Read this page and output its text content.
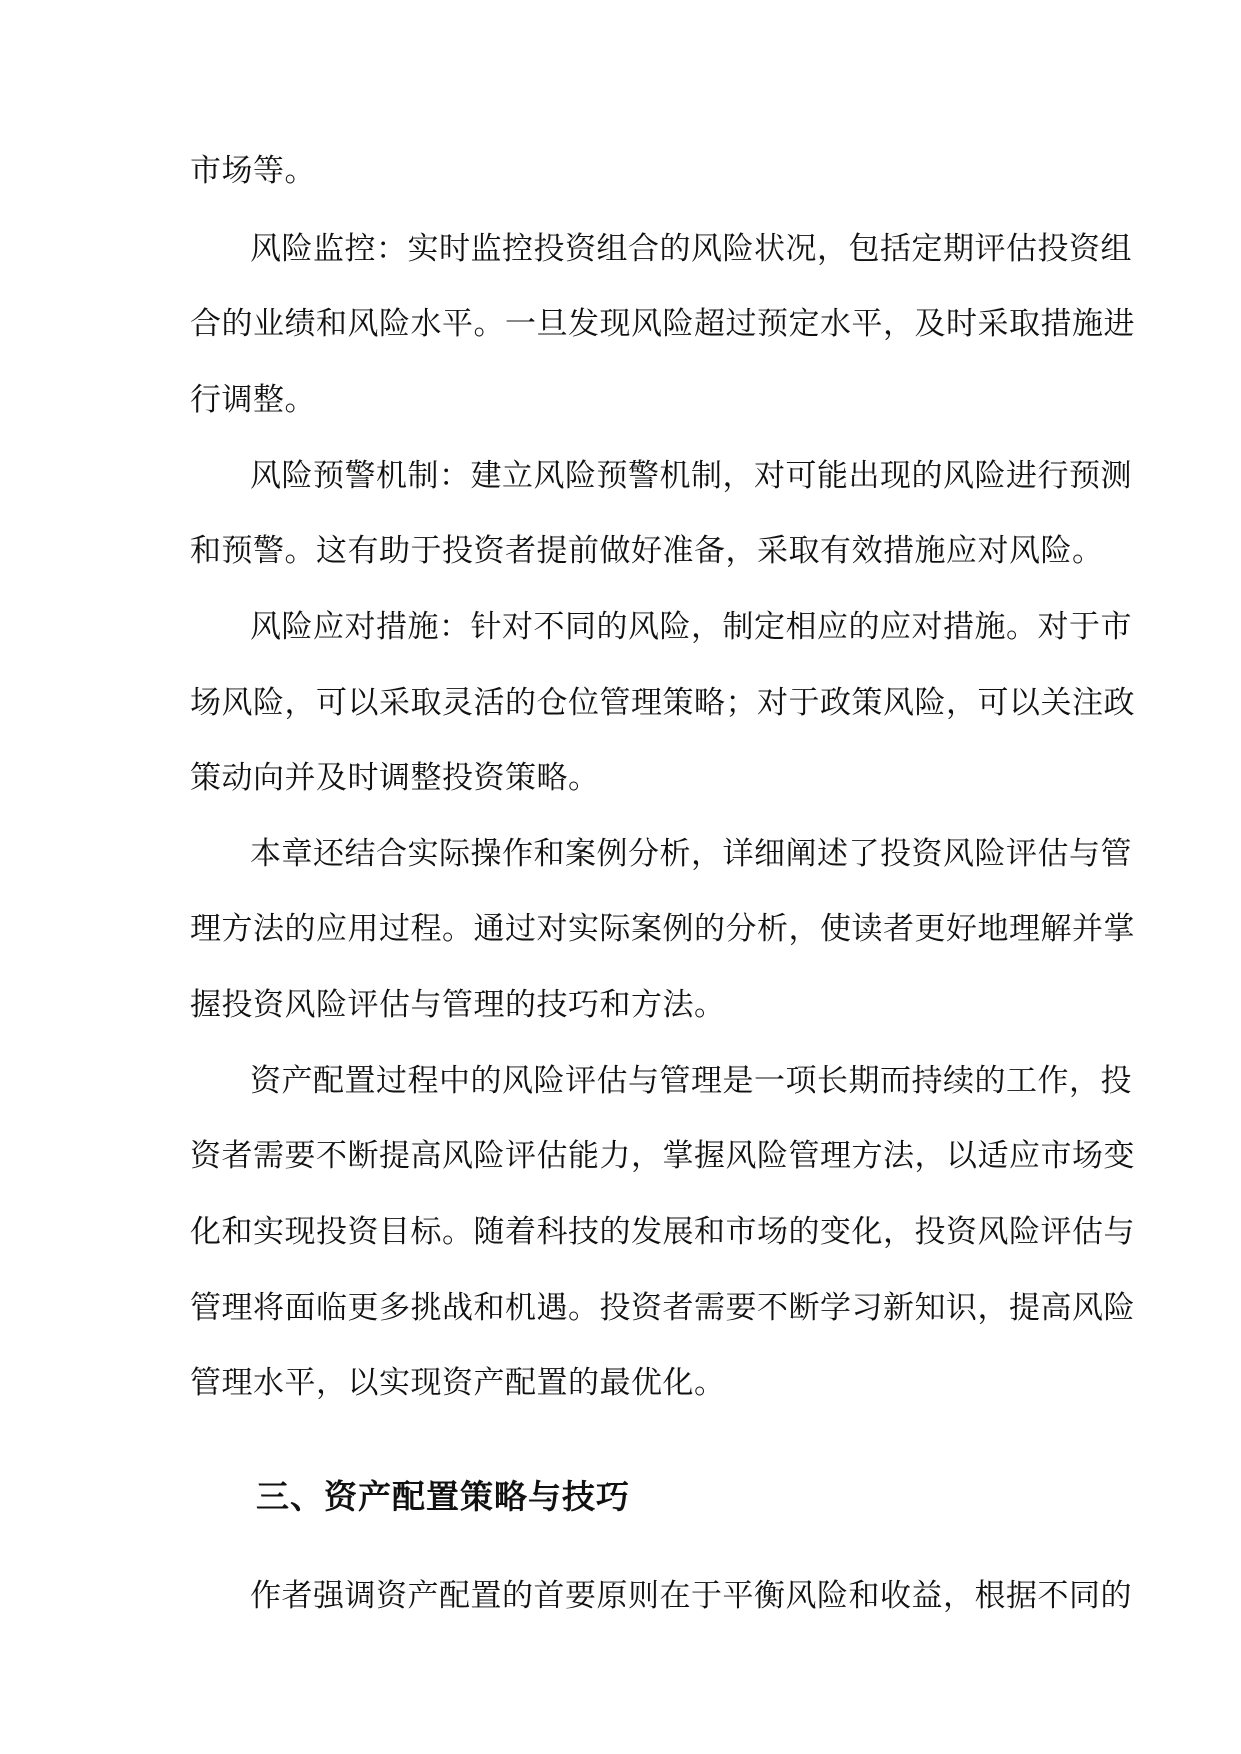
市场等。
风险监控：实时监控投资组合的风险状况，包括定期评估投资组
合的业绩和风险水平。一旦发现风险超过预定水平，及时采取措施进
行调整。
风险预警机制：建立风险预警机制，对可能出现的风险进行预测
和预警。这有助于投资者提前做好准备，采取有效措施应对风险。
风险应对措施：针对不同的风险，制定相应的应对措施。对于市
场风险，可以采取灵活的仓位管理策略；对于政策风险，可以关注政
策动向并及时调整投资策略。
本章还结合实际操作和案例分析，详细阐述了投资风险评估与管
理方法的应用过程。通过对实际案例的分析，使读者更好地理解并掌
握投资风险评估与管理的技巧和方法。
资产配置过程中的风险评估与管理是一项长期而持续的工作，投
资者需要不断提高风险评估能力，掌握风险管理方法，以适应市场变
化和实现投资目标。随着科技的发展和市场的变化，投资风险评估与
管理将面临更多挑战和机遇。投资者需要不断学习新知识，提高风险
管理水平，以实现资产配置的最优化。
三、资产配置策略与技巧
作者强调资产配置的首要原则在于平衡风险和收益，根据不同的
